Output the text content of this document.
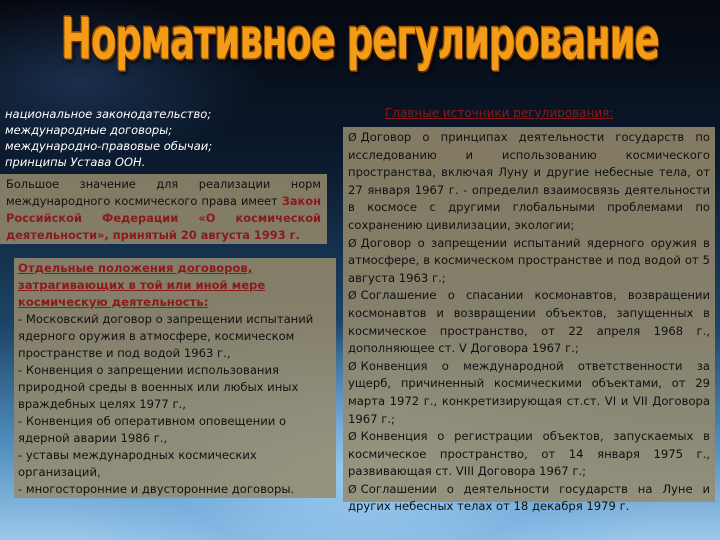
Нормативное регулирование
национальное законодательство;
международные договоры;
международно-правовые обычаи;
принципы Устава ООН.
Большое значение для реализации норм международного космического права имеет Закон Российской Федерации «О космической деятельности», принятый 20 августа 1993 г.
Отдельные положения договоров, затрагивающих в той или иной мере космическую деятельность:
- Московский договор о запрещении испытаний ядерного оружия в атмосфере, космическом пространстве и под водой 1963 г.,
- Конвенция о запрещении использования природной среды в военных или любых иных враждебных целях 1977 г.,
- Конвенция об оперативном оповещении о ядерной аварии 1986 г.,
- уставы международных космических организаций,
- многосторонние и двусторонние договоры.
Главные источники регулирования:
Ø Договор о принципах деятельности государств по исследованию и использованию космического пространства, включая Луну и другие небесные тела, от 27 января 1967 г. - определил взаимосвязь деятельности в космосе с другими глобальными проблемами по сохранению цивилизации, экологии;
Ø Договор о запрещении испытаний ядерного оружия в атмосфере, в космическом пространстве и под водой от 5 августа 1963 г.;
Ø Соглашение о спасании космонавтов, возвращении космонавтов и возвращении объектов, запущенных в космическое пространство, от 22 апреля 1968 г., дополняющее ст. V Договора 1967 г.;
Ø Конвенция о международной ответственности за ущерб, причиненный космическими объектами, от 29 марта 1972 г., конкретизирующая ст.ст. VI и VII Договора 1967 г.;
Ø Конвенция о регистрации объектов, запускаемых в космическое пространство, от 14 января 1975 г., развивающая ст. VIII Договора 1967 г.;
Ø Соглашении о деятельности государств на Луне и других небесных телах от 18 декабря 1979 г.
